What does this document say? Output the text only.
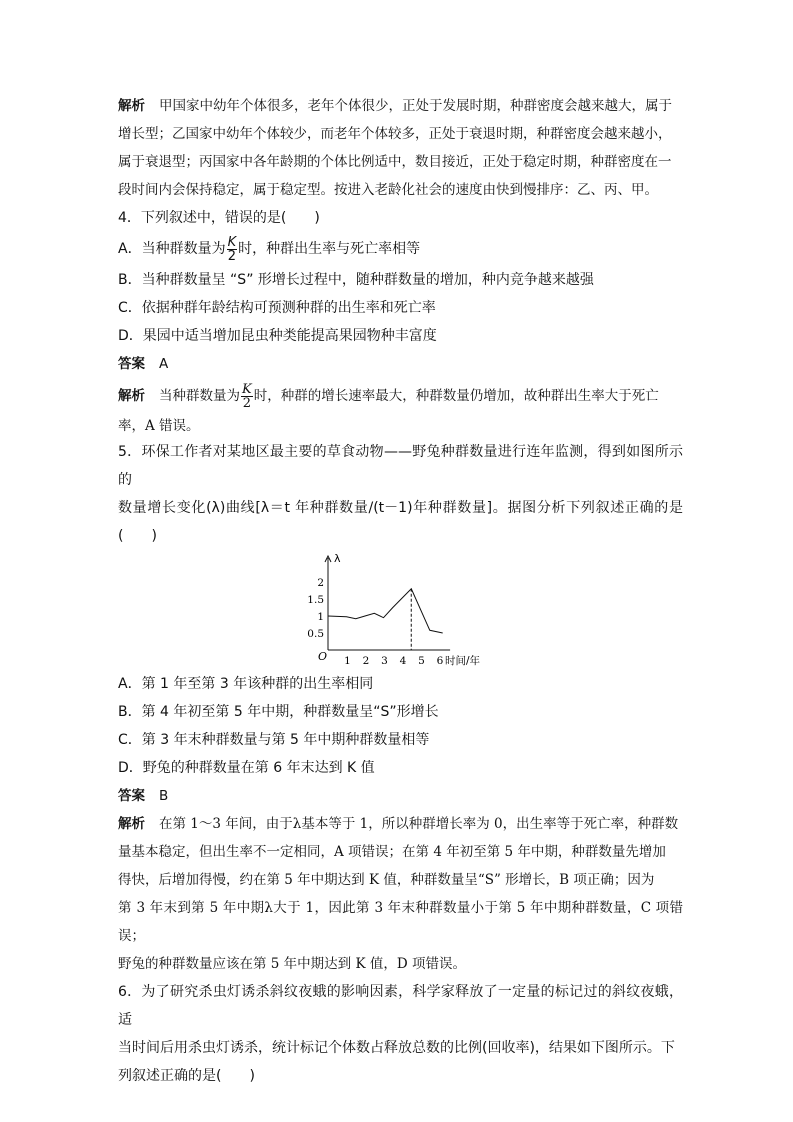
解析 甲国家中幼年个体很多，老年个体很少，正处于发展时期，种群密度会越来越大，属于
增长型；乙国家中幼年个体较少，而老年个体较多，正处于衰退时期，种群密度会越来越小，
属于衰退型；丙国家中各年龄期的个体比例适中，数目接近，正处于稳定时期，种群密度在一
段时间内会保持稳定，属于稳定型。按进入老龄化社会的速度由快到慢排序：乙、丙、甲。

4．下列叙述中，错误的是(　　)

A．当种群数量为 $\frac{K}{2}$ 时，种群出生率与死亡率相等

B．当种群数量呈 “S” 形增长过程中，随种群数量的增加，种内竞争越来越强

C．依据种群年龄结构可预测种群的出生率和死亡率

D．果园中适当增加昆虫种类能提高果园物种丰富度

答案 A

解析 当种群数量为 $\frac{K}{2}$ 时，种群的增长速率最大，种群数量仍增加，故种群出生率大于死亡
率，A 错误。

5．环保工作者对某地区最主要的草食动物——野兔种群数量进行连年监测，得到如图所示的
数量增长变化(λ)曲线[λ＝t 年种群数量/(t－1)年种群数量]。据图分析下列叙述正确的是(　　)

λ
O
0.5
1
1.5
2
1 2 3 4 5 6 时间/年

A．第 1 年至第 3 年该种群的出生率相同

B．第 4 年初至第 5 年中期，种群数量呈“S”形增长

C．第 3 年末种群数量与第 5 年中期种群数量相等

D．野兔的种群数量在第 6 年末达到 K 值

答案 B

解析 在第 1～3 年间，由于λ基本等于 1，所以种群增长率为 0，出生率等于死亡率，种群数
量基本稳定，但出生率不一定相同，A 项错误；在第 4 年初至第 5 年中期，种群数量先增加
得快，后增加得慢，约在第 5 年中期达到 K 值，种群数量呈“S” 形增长，B 项正确；因为
第 3 年末到第 5 年中期λ大于 1，因此第 3 年末种群数量小于第 5 年中期种群数量，C 项错误；
野兔的种群数量应该在第 5 年中期达到 K 值，D 项错误。

6．为了研究杀虫灯诱杀斜纹夜蛾的影响因素，科学家释放了一定量的标记过的斜纹夜蛾，适
当时间后用杀虫灯诱杀，统计标记个体数占释放总数的比例(回收率)，结果如下图所示。下
列叙述正确的是(　　)
